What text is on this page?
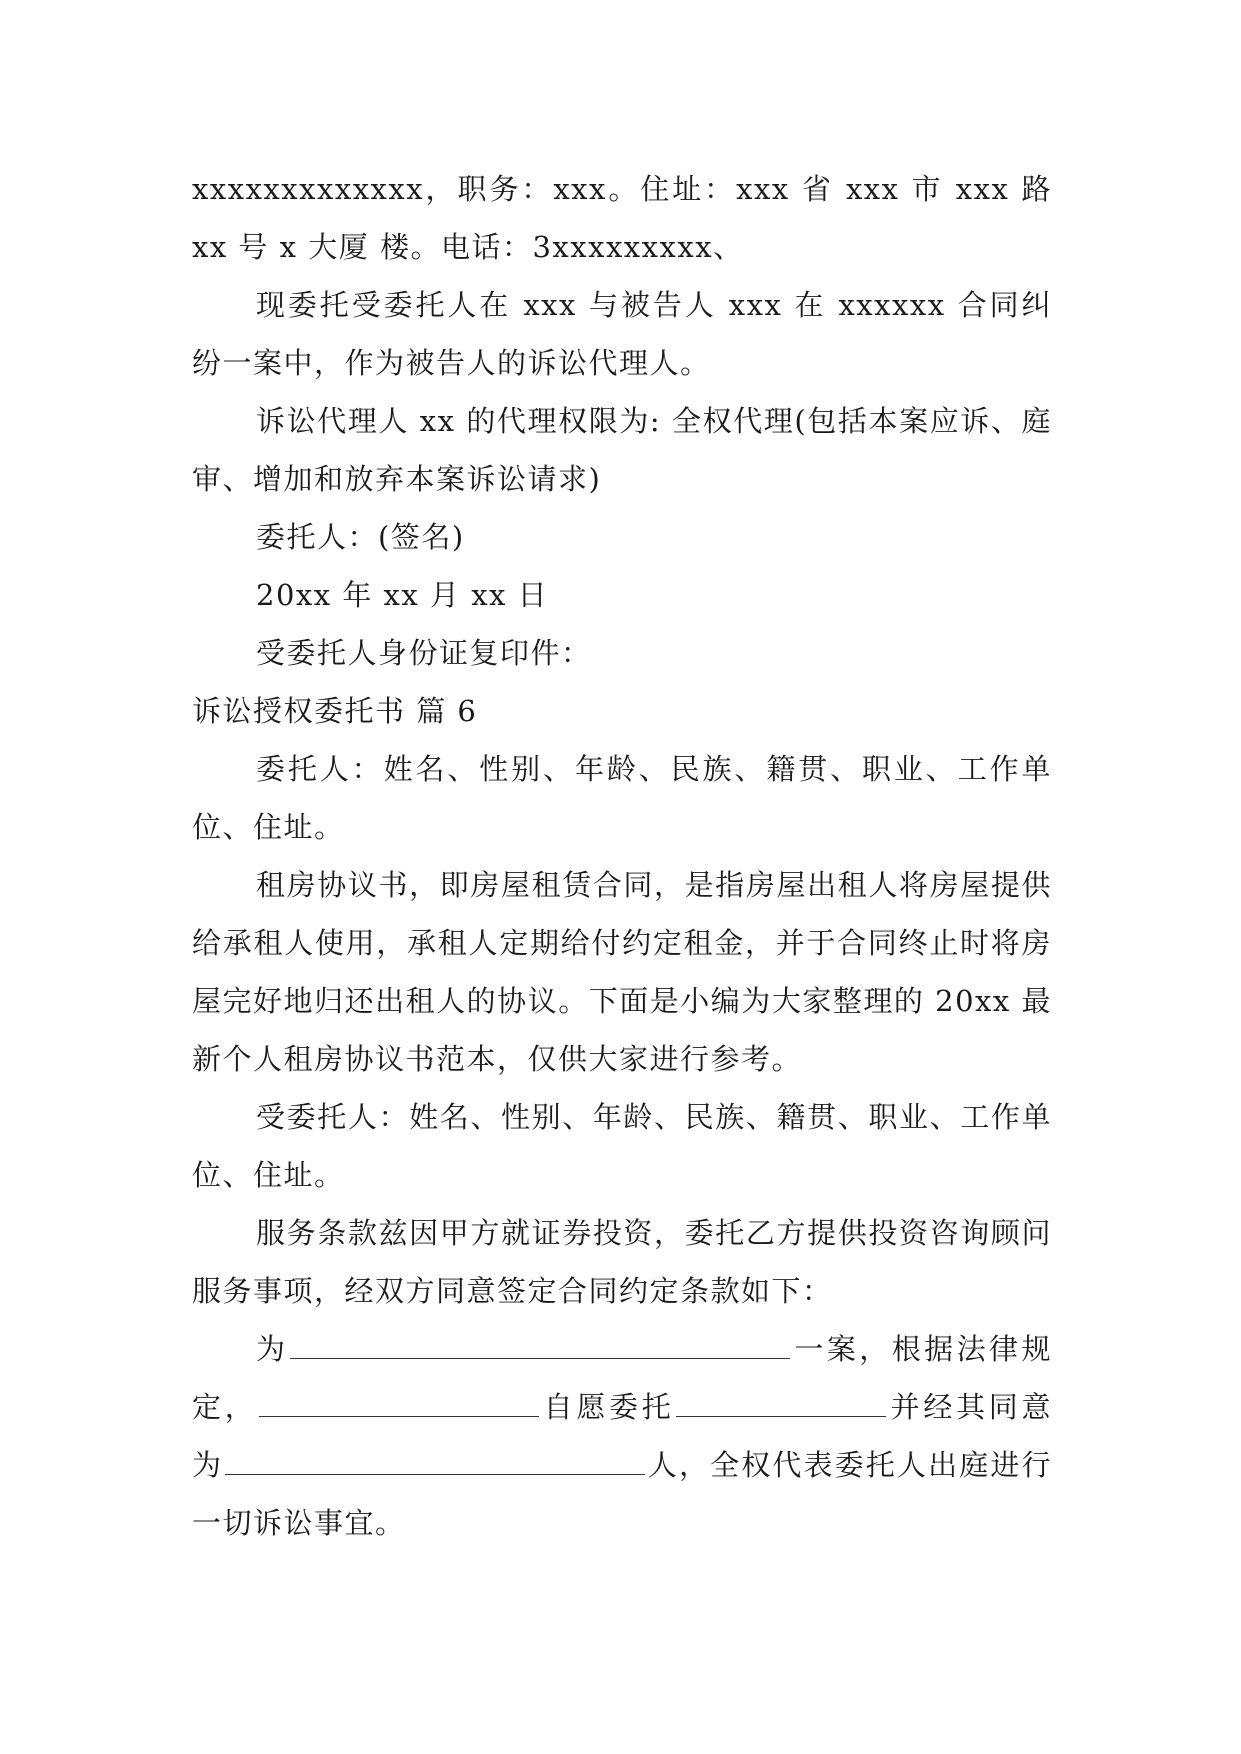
xxxxxxxxxxxxx，职务：xxx。住址：xxx 省 xxx 市 xxx 路 xx 号 x 大厦 楼。电话：3xxxxxxxxx、

现委托受委托人在 xxx 与被告人 xxx 在 xxxxxx 合同纠纷一案中，作为被告人的诉讼代理人。

诉讼代理人 xx 的代理权限为: 全权代理(包括本案应诉、庭审、增加和放弃本案诉讼请求)

委托人：(签名)

20xx 年 xx 月 xx 日

受委托人身份证复印件：

诉讼授权委托书 篇 6

委托人：姓名、性别、年龄、民族、籍贯、职业、工作单位、住址。

租房协议书，即房屋租赁合同，是指房屋出租人将房屋提供给承租人使用，承租人定期给付约定租金，并于合同终止时将房屋完好地归还出租人的协议。下面是小编为大家整理的 20xx 最新个人租房协议书范本，仅供大家进行参考。

受委托人：姓名、性别、年龄、民族、籍贯、职业、工作单位、住址。

服务条款兹因甲方就证券投资，委托乙方提供投资咨询顾问服务事项，经双方同意签定合同约定条款如下：

为	一案，根据法律规定，	自愿委托	并经其同意为	人，全权代表委托人出庭进行一切诉讼事宜。
